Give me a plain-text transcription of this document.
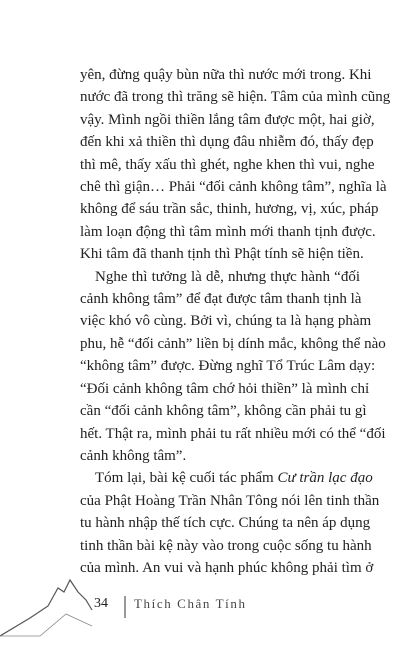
yên, đừng quậy bùn nữa thì nước mới trong. Khi
nước đã trong thì trăng sẽ hiện. Tâm của mình cũng
vậy. Mình ngồi thiền lắng tâm được một, hai giờ,
đến khi xả thiền thì dụng đâu nhiễm đó, thấy đẹp
thì mê, thấy xấu thì ghét, nghe khen thì vui, nghe
chê thì giận… Phải “đối cảnh không tâm”, nghĩa là
không để sáu trần sắc, thinh, hương, vị, xúc, pháp
làm loạn động thì tâm mình mới thanh tịnh được.
Khi tâm đã thanh tịnh thì Phật tính sẽ hiện tiền.

Nghe thì tưởng là dễ, nhưng thực hành “đối
cảnh không tâm” để đạt được tâm thanh tịnh là
việc khó vô cùng. Bởi vì, chúng ta là hạng phàm
phu, hễ “đối cảnh” liền bị dính mắc, không thể nào
“không tâm” được. Đừng nghĩ Tổ Trúc Lâm dạy:
“Đối cảnh không tâm chớ hỏi thiền” là mình chỉ
cần “đối cảnh không tâm”, không cần phải tu gì
hết. Thật ra, mình phải tu rất nhiều mới có thể “đối
cảnh không tâm”.

Tóm lại, bài kệ cuối tác phẩm Cư trần lạc đạo
của Phật Hoàng Trần Nhân Tông nói lên tinh thần
tu hành nhập thế tích cực. Chúng ta nên áp dụng
tinh thần bài kệ này vào trong cuộc sống tu hành
của mình. An vui và hạnh phúc không phải tìm ở

34 Thích Chân Tính
